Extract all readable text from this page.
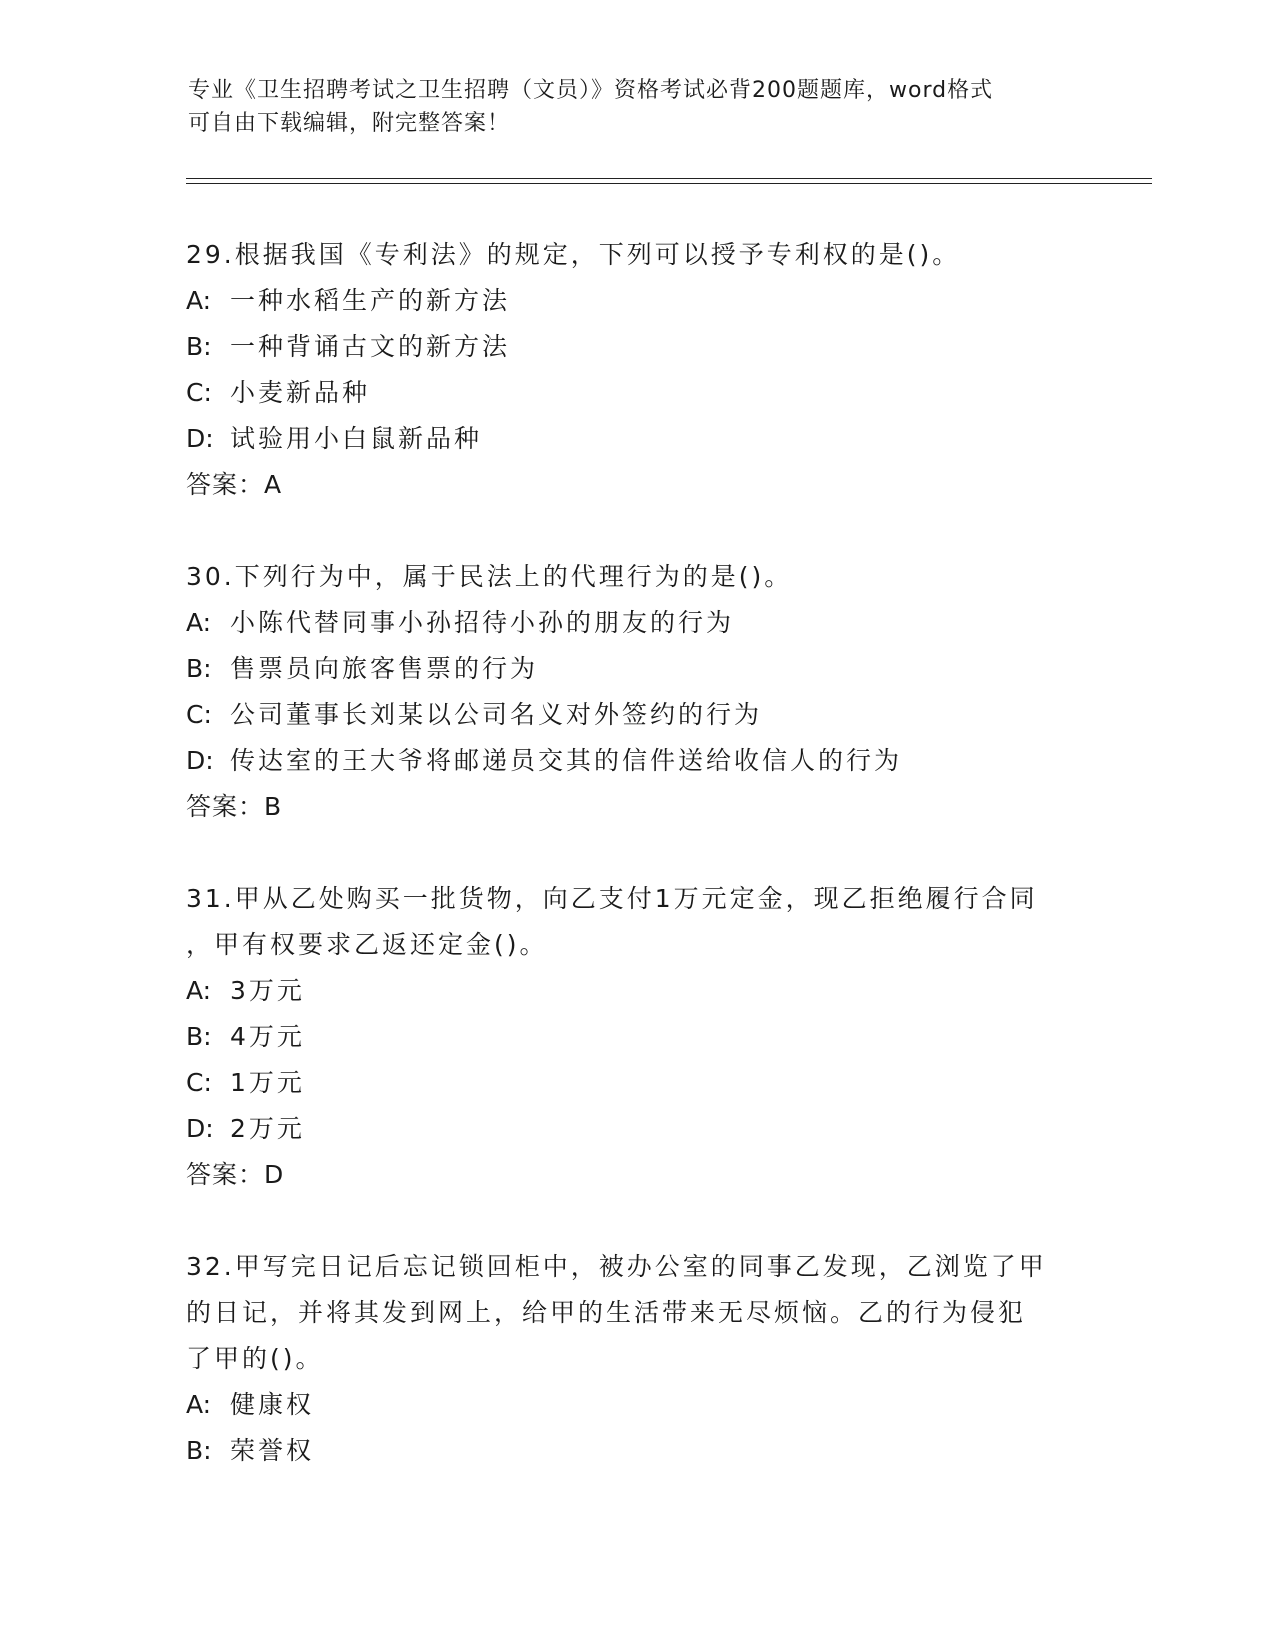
专业《卫生招聘考试之卫生招聘（文员）》资格考试必背200题题库，word格式
可自由下载编辑，附完整答案！
29.根据我国《专利法》的规定，下列可以授予专利权的是()。
A: 一种水稻生产的新方法
B: 一种背诵古文的新方法
C: 小麦新品种
D: 试验用小白鼠新品种
答案：A
30.下列行为中，属于民法上的代理行为的是()。
A: 小陈代替同事小孙招待小孙的朋友的行为
B: 售票员向旅客售票的行为
C: 公司董事长刘某以公司名义对外签约的行为
D: 传达室的王大爷将邮递员交其的信件送给收信人的行为
答案：B
31.甲从乙处购买一批货物，向乙支付1万元定金，现乙拒绝履行合同
，甲有权要求乙返还定金()。
A: 3万元
B: 4万元
C: 1万元
D: 2万元
答案：D
32.甲写完日记后忘记锁回柜中，被办公室的同事乙发现，乙浏览了甲
的日记，并将其发到网上，给甲的生活带来无尽烦恼。乙的行为侵犯
了甲的()。
A: 健康权
B: 荣誉权
